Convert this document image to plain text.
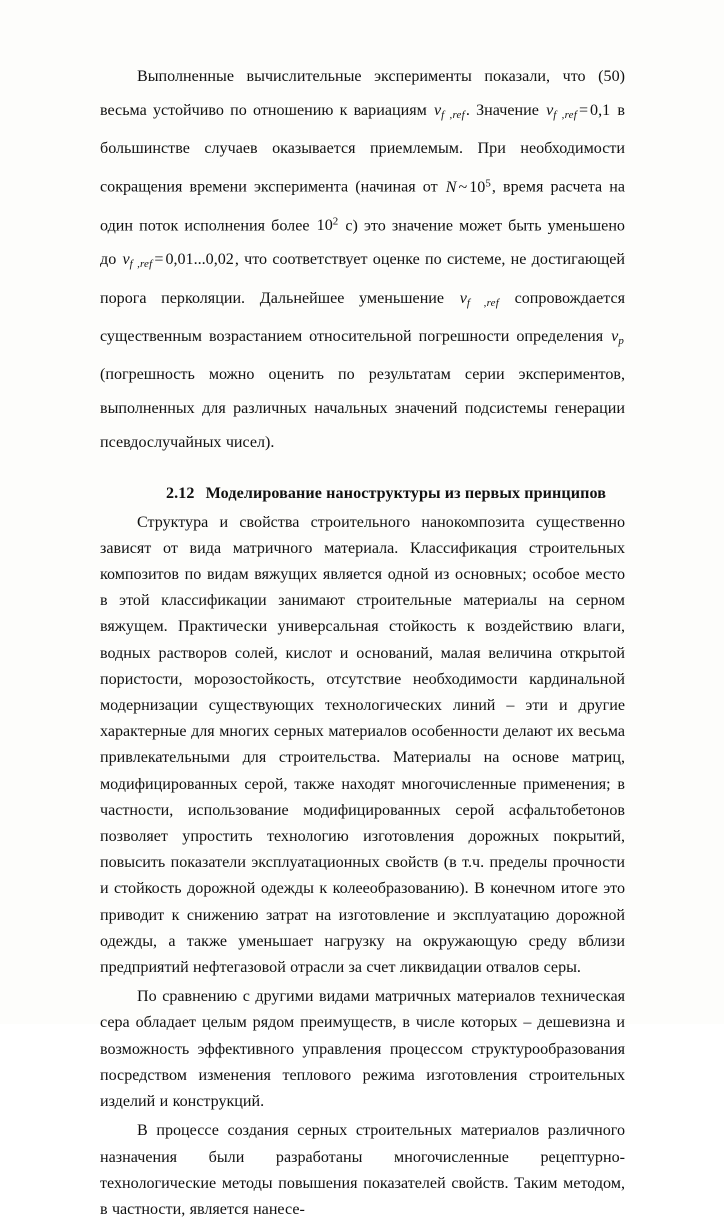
Выполненные вычислительные эксперименты показали, что (50) весьма устойчиво по отношению к вариациям $v_{f ,ref}$. Значение $v_{f ,ref} = 0,1$ в большинстве случаев оказывается приемлемым. При необходимости сокращения времени эксперимента (начиная от N ~ $10^5$, время расчета на один поток исполнения более $10^2$ с) это значение может быть уменьшено до $v_{f ,ref} = 0,01...0,02$, что соответствует оценке по системе, не достигающей порога перколяции. Дальнейшее уменьшение $v_{f ,ref}$ сопровождается существенным возрастанием относительной погрешности определения $v_p$ (погрешность можно оценить по результатам серии экспериментов, выполненных для различных начальных значений подсистемы генерации псевдослучайных чисел).

2.12 Моделирование наноструктуры из первых принципов

Структура и свойства строительного нанокомпозита существенно зависят от вида матричного материала. Классификация строительных композитов по видам вяжущих является одной из основных; особое место в этой классификации занимают строительные материалы на серном вяжущем. Практически универсальная стойкость к воздействию влаги, водных растворов солей, кислот и оснований, малая величина открытой пористости, морозостойкость, отсутствие необходимости кардинальной модернизации существующих технологических линий – эти и другие характерные для многих серных материалов особенности делают их весьма привлекательными для строительства. Материалы на основе матриц, модифицированных серой, также находят многочисленные применения; в частности, использование модифицированных серой асфальтобетонов позволяет упростить технологию изготовления дорожных покрытий, повысить показатели эксплуатационных свойств (в т.ч. пределы прочности и стойкость дорожной одежды к колееобразованию). В конечном итоге это приводит к снижению затрат на изготовление и эксплуатацию дорожной одежды, а также уменьшает нагрузку на окружающую среду вблизи предприятий нефтегазовой отрасли за счет ликвидации отвалов серы.

По сравнению с другими видами матричных материалов техническая сера обладает целым рядом преимуществ, в числе которых – дешевизна и возможность эффективного управления процессом структурообразования посредством изменения теплового режима изготовления строительных изделий и конструкций.

В процессе создания серных строительных материалов различного назначения были разработаны многочисленные рецептурно-технологические методы повышения показателей свойств. Таким методом, в частности, является нанесе-
